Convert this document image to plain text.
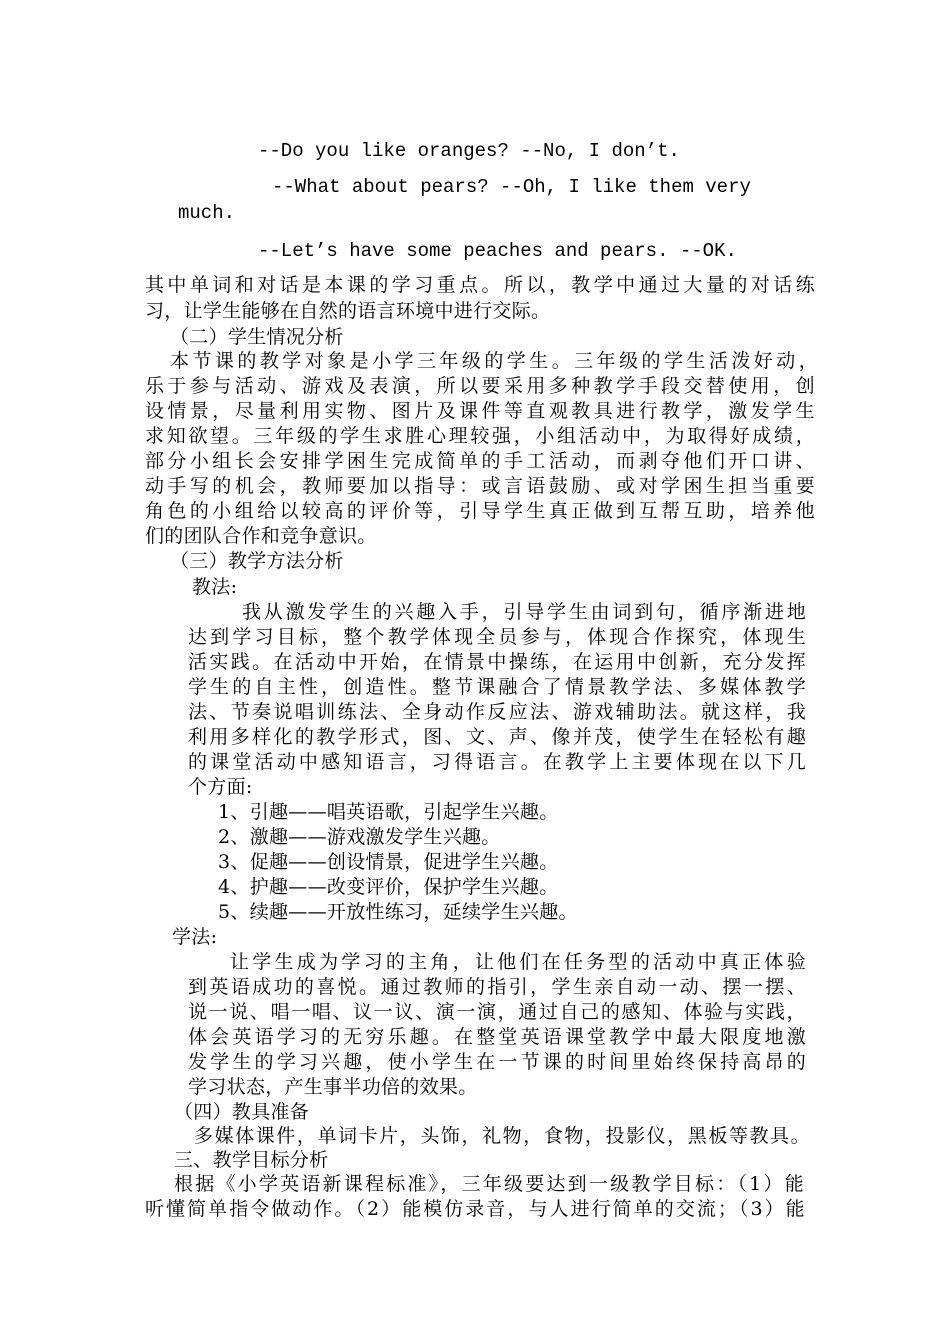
--Do you like oranges? --No, I don’t.
--What about pears? --Oh, I like them very
much.
--Let’s have some peaches and pears. --OK.
其中单词和对话是本课的学习重点。所以，教学中通过大量的对话练
习，让学生能够在自然的语言环境中进行交际。
（二）学生情况分析
本节课的教学对象是小学三年级的学生。三年级的学生活泼好动，
乐于参与活动、游戏及表演，所以要采用多种教学手段交替使用，创
设情景，尽量利用实物、图片及课件等直观教具进行教学，激发学生
求知欲望。三年级的学生求胜心理较强，小组活动中，为取得好成绩，
部分小组长会安排学困生完成简单的手工活动，而剥夺他们开口讲、
动手写的机会，教师要加以指导：或言语鼓励、或对学困生担当重要
角色的小组给以较高的评价等，引导学生真正做到互帮互助，培养他
们的团队合作和竞争意识。
（三）教学方法分析
教法:
我从激发学生的兴趣入手，引导学生由词到句，循序渐进地
达到学习目标，整个教学体现全员参与，体现合作探究，体现生
活实践。在活动中开始，在情景中操练，在运用中创新，充分发挥
学生的自主性，创造性。整节课融合了情景教学法、多媒体教学
法、节奏说唱训练法、全身动作反应法、游戏辅助法。就这样，我
利用多样化的教学形式，图、文、声、像并茂，使学生在轻松有趣
的课堂活动中感知语言，习得语言。在教学上主要体现在以下几
个方面:
1、引趣——唱英语歌，引起学生兴趣。
2、激趣——游戏激发学生兴趣。
3、促趣——创设情景，促进学生兴趣。
4、护趣——改变评价，保护学生兴趣。
5、续趣——开放性练习，延续学生兴趣。
学法:
让学生成为学习的主角，让他们在任务型的活动中真正体验
到英语成功的喜悦。通过教师的指引，学生亲自动一动、摆一摆、
说一说、唱一唱、议一议、演一演，通过自己的感知、体验与实践，
体会英语学习的无穷乐趣。在整堂英语课堂教学中最大限度地激
发学生的学习兴趣，使小学生在一节课的时间里始终保持高昂的
学习状态，产生事半功倍的效果。
（四）教具准备
多媒体课件，单词卡片，头饰，礼物，食物，投影仪，黑板等教具。
三、教学目标分析
根据《小学英语新课程标准》，三年级要达到一级教学目标：（1）能
听懂简单指令做动作。（2）能模仿录音，与人进行简单的交流；（3）能
